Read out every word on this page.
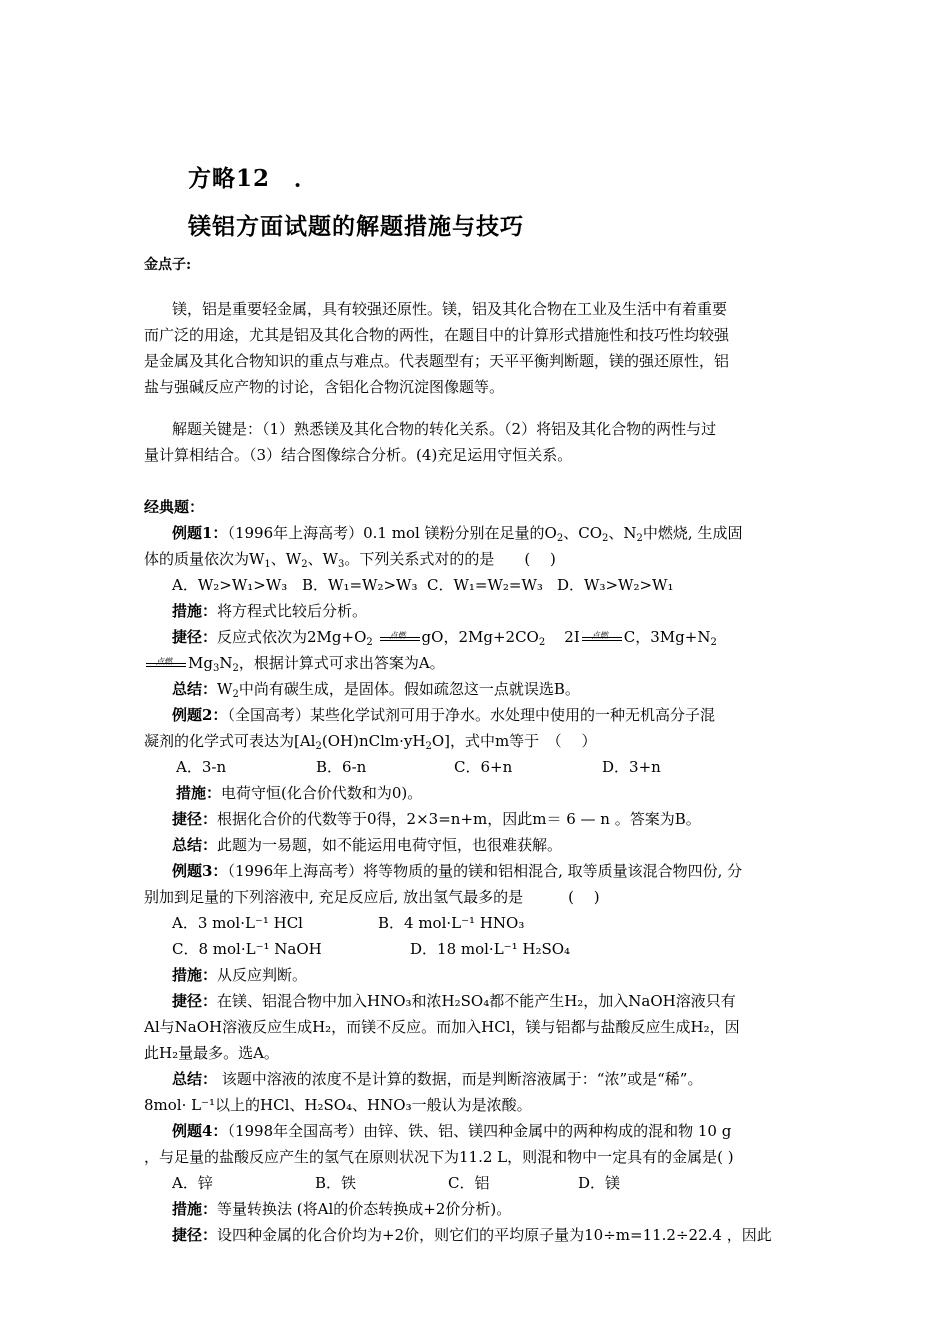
方略12　．
镁铝方面试题的解题措施与技巧
金点子:
镁，铝是重要轻金属，具有较强还原性。镁，铝及其化合物在工业及生活中有着重要
而广泛的用途，尤其是铝及其化合物的两性，在题目中的计算形式措施性和技巧性均较强
是金属及其化合物知识的重点与难点。代表题型有；天平平衡判断题，镁的强还原性，铝
盐与强碱反应产物的讨论，含铝化合物沉淀图像题等。
解题关键是：（1）熟悉镁及其化合物的转化关系。（2）将铝及其化合物的两性与过
量计算相结合。（3）结合图像综合分析。(4)充足运用守恒关系。
经典题：
例题1：（1996年上海高考）0.1 mol 镁粉分别在足量的$O_2$、$CO_2$、$N_2$中燃烧, 生成固
体的质量依次为$W_1$、$W_2$、$W_3$。下列关系式对的的是　　(　 )
A．W₂>W₁>W₃ B．W₁=W₂>W₃ C．W₁=W₂=W₃ D．W₃>W₂>W₁
措施：将方程式比较后分析。
捷径：反应式依次为$2Mg+O_2$
点燃 gO，$2Mg+2CO_2$ 2I 点燃 C，$3Mg+N_2$
点燃 $Mg_3N_2$，根据计算式可求出答案为A。
总结：$W_2$中尚有碳生成，是固体。假如疏忽这一点就误选B。
例题2：（全国高考）某些化学试剂可用于净水。水处理中使用的一种无机高分子混
凝剂的化学式可表达为$[Al_2(OH)nClm\cdot yH_2O]$，式中m等于　（　 ）
A．3-n	B．6-n	C．6+n	D．3+n
措施：电荷守恒(化合价代数和为0)。
捷径：根据化合价的代数等于0得，2×3=n+m，因此m＝ 6 — n 。答案为B。
总结：此题为一易题，如不能运用电荷守恒，也很难获解。
例题3：（1996年上海高考）将等物质的量的镁和铝相混合, 取等质量该混合物四份, 分
别加到足量的下列溶液中, 充足反应后, 放出氢气最多的是　　　(　 )
A．3 mol·L⁻¹ HCl	B．4 mol·L⁻¹ HNO₃
C．8 mol·L⁻¹ NaOH	D．18 mol·L⁻¹ H₂SO₄
措施：从反应判断。
捷径：在镁、铝混合物中加入HNO₃和浓H₂SO₄都不能产生H₂，加入NaOH溶液只有
Al与NaOH溶液反应生成H₂，而镁不反应。而加入HCl，镁与铝都与盐酸反应生成H₂，因
此H₂量最多。选A。
总结： 该题中溶液的浓度不是计算的数据，而是判断溶液属于：“浓”或是“稀”。
8mol· L⁻¹以上的HCl、H₂SO₄、HNO₃一般认为是浓酸。
例题4：（1998年全国高考）由锌、铁、铝、镁四种金属中的两种构成的混和物 10 g
，与足量的盐酸反应产生的氢气在原则状况下为11.2 L，则混和物中一定具有的金属是( )
A．锌	B．铁	C．铝	D．镁
措施：等量转换法 (将Al的价态转换成+2价分析)。
捷径：设四种金属的化合价均为+2价，则它们的平均原子量为10÷m=11.2÷22.4 ，因此
